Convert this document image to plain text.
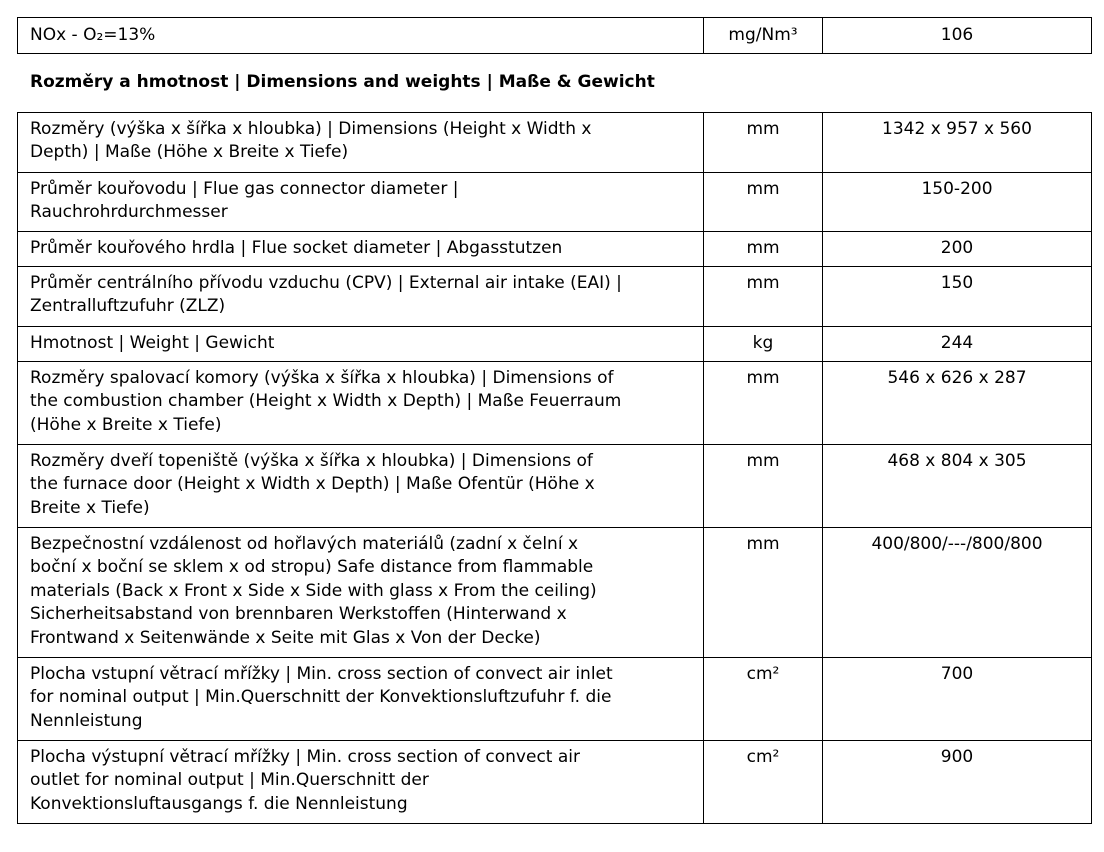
NOx - O₂=13%	mg/Nm³	106
Rozměry a hmotnost | Dimensions and weights | Maße & Gewicht
Rozměry (výška x šířka x hloubka) | Dimensions (Height x Width x
Depth) | Maße (Höhe x Breite x Tiefe)	mm	1342 x 957 x 560
Průměr kouřovodu | Flue gas connector diameter |
Rauchrohrdurchmesser	mm	150-200
Průměr kouřového hrdla | Flue socket diameter | Abgasstutzen	mm	200
Průměr centrálního přívodu vzduchu (CPV) | External air intake (EAI) |
Zentralluftzufuhr (ZLZ)	mm	150
Hmotnost | Weight | Gewicht	kg	244
Rozměry spalovací komory (výška x šířka x hloubka) | Dimensions of
the combustion chamber (Height x Width x Depth) | Maße Feuerraum
(Höhe x Breite x Tiefe)	mm	546 x 626 x 287
Rozměry dveří topeniště (výška x šířka x hloubka) | Dimensions of
the furnace door (Height x Width x Depth) | Maße Ofentür (Höhe x
Breite x Tiefe)	mm	468 x 804 x 305
Bezpečnostní vzdálenost od hořlavých materiálů (zadní x čelní x
boční x boční se sklem x od stropu) Safe distance from flammable
materials (Back x Front x Side x Side with glass x From the ceiling)
Sicherheitsabstand von brennbaren Werkstoffen (Hinterwand x
Frontwand x Seitenwände x Seite mit Glas x Von der Decke)	mm	400/800/---/800/800
Plocha vstupní větrací mřížky | Min. cross section of convect air inlet
for nominal output | Min.Querschnitt der Konvektionsluftzufuhr f. die
Nennleistung	cm²	700
Plocha výstupní větrací mřížky | Min. cross section of convect air
outlet for nominal output | Min.Querschnitt der
Konvektionsluftausgangs f. die Nennleistung	cm²	900
